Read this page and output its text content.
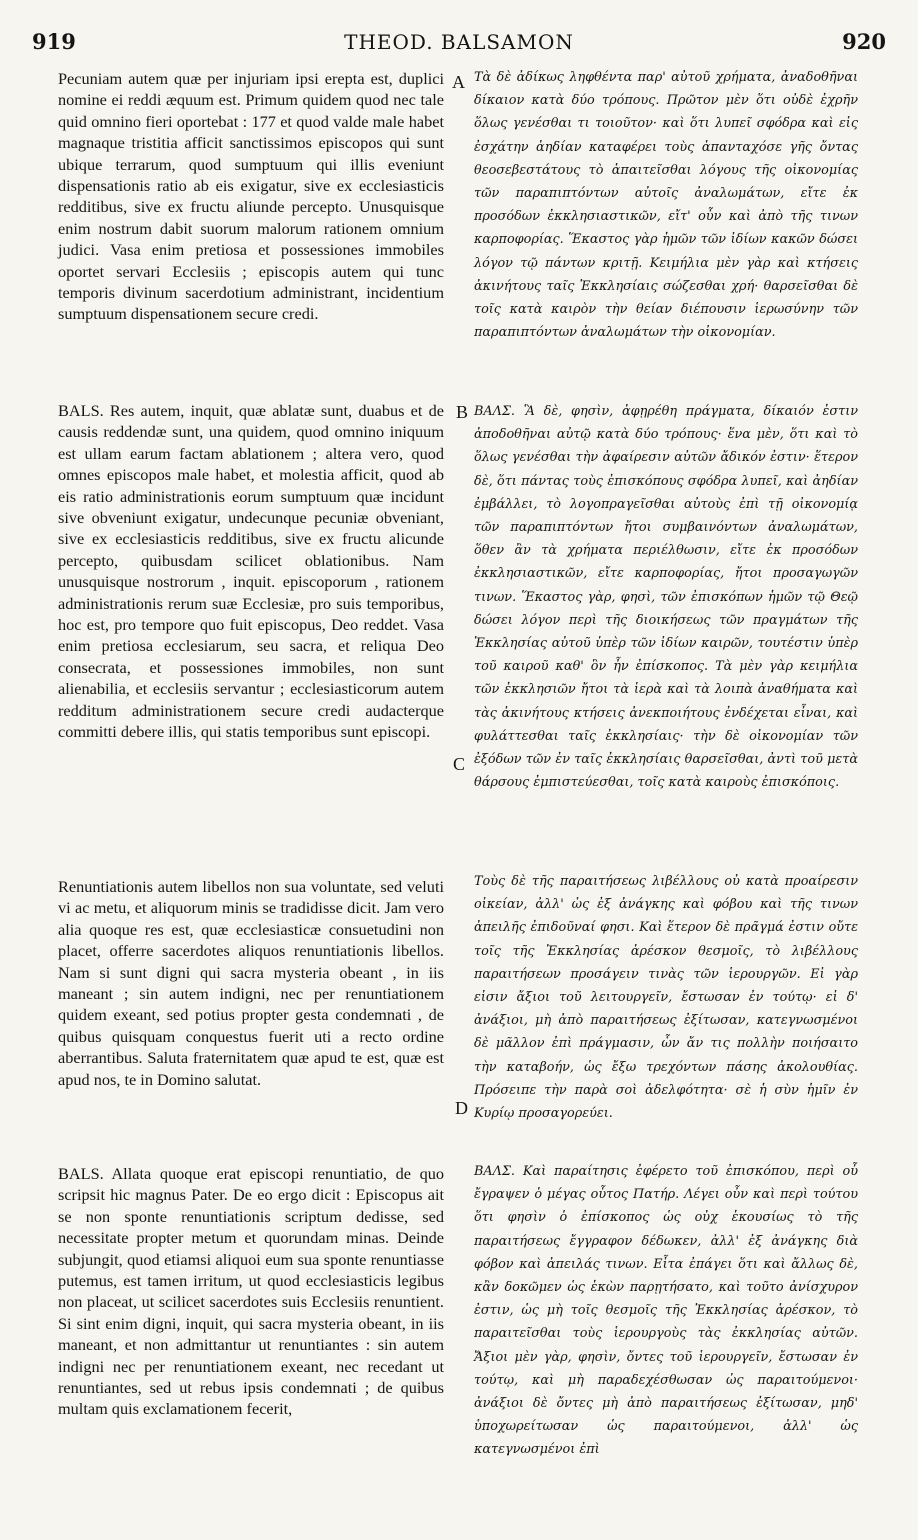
919	THEOD. BALSAMON	920
A
B
C
D

Pecuniam autem quæ per injuriam ipsi erepta est, duplici nomine ei reddi æquum est. Primum quidem quod nec tale quid omnino fieri oportebat : 177 et quod valde male habet magnaque tristitia afficit sanctissimos episcopos qui sunt ubique terrarum, quod sumptuum qui illis eveniunt dispensationis ratio ab eis exigatur, sive ex ecclesiasticis redditibus, sive ex fructu aliunde percepto. Unusquisque enim nostrum dabit suorum malorum rationem omnium judici. Vasa enim pretiosa et possessiones immobiles oportet servari Ecclesiis ; episcopis autem qui tunc temporis divinum sacerdotium administrant, incidentium sumptuum dispensationem secure credi.

BALS. Res autem, inquit, quæ ablatæ sunt, duabus et de causis reddendæ sunt, una quidem, quod omnino iniquum est ullam earum factam ablationem ; altera vero, quod omnes episcopos male habet, et molestia afficit, quod ab eis ratio administrationis eorum sumptuum quæ incidunt sive obveniunt exigatur, undecunque pecuniæ obveniant, sive ex ecclesiasticis redditibus, sive ex fructu alicunde percepto, quibusdam scilicet oblationibus. Nam unusquisque nostrorum , inquit. episcoporum , rationem administrationis rerum suæ Ecclesiæ, pro suis temporibus, hoc est, pro tempore quo fuit episcopus, Deo reddet. Vasa enim pretiosa ecclesiarum, seu sacra, et reliqua Deo consecrata, et possessiones immobiles, non sunt alienabilia, et ecclesiis servantur ; ecclesiasticorum autem redditum administrationem secure credi audacterque committi debere illis, qui statis temporibus sunt episcopi.

Renuntiationis autem libellos non sua voluntate, sed veluti vi ac metu, et aliquorum minis se tradidisse dicit. Jam vero alia quoque res est, quæ ecclesiasticæ consuetudini non placet, offerre sacerdotes aliquos renuntiationis libellos. Nam si sunt digni qui sacra mysteria obeant , in iis maneant ; sin autem indigni, nec per renuntiationem quidem exeant, sed potius propter gesta condemnati , de quibus quisquam conquestus fuerit uti a recto ordine aberrantibus. Saluta fraternitatem quæ apud te est, quæ est apud nos, te in Domino salutat.

BALS. Allata quoque erat episcopi renuntiatio, de quo scripsit hic magnus Pater. De eo ergo dicit : Episcopus ait se non sponte renuntiationis scriptum dedisse, sed necessitate propter metum et quorundam minas. Deinde subjungit, quod etiamsi aliquoi eum sua sponte renuntiasse putemus, est tamen irritum, ut quod ecclesiasticis legibus non placeat, ut scilicet sacerdotes suis Ecclesiis renuntient. Si sint enim digni, inquit, qui sacra mysteria obeant, in iis maneant, et non admittantur ut renuntiantes : sin autem indigni nec per renuntiationem exeant, nec recedant ut renuntiantes, sed ut rebus ipsis condemnati ; de quibus multam quis exclamationem fecerit,

Τὰ δὲ ἀδίκως ληφθέντα παρ' αὐτοῦ χρήματα, ἀναδοθῆναι δίκαιον κατὰ δύο τρόπους. Πρῶτον μὲν ὅτι οὐδὲ ἐχρῆν ὅλως γενέσθαι τι τοιοῦτον· καὶ ὅτι λυπεῖ σφόδρα καὶ εἰς ἐσχάτην ἀηδίαν καταφέρει τοὺς ἁπανταχόσε γῆς ὄντας θεοσεβεστάτους τὸ ἀπαιτεῖσθαι λόγους τῆς οἰκονομίας τῶν παραπιπτόντων αὐτοῖς ἀναλωμάτων, εἴτε ἐκ προσόδων ἐκκλησιαστικῶν, εἴτ' οὖν καὶ ἀπὸ τῆς τινων καρποφορίας. Ἕκαστος γὰρ ἡμῶν τῶν ἰδίων κακῶν δώσει λόγον τῷ πάντων κριτῇ. Κειμήλια μὲν γὰρ καὶ κτήσεις ἀκινήτους ταῖς Ἐκκλησίαις σώζεσθαι χρή· θαρσεῖσθαι δὲ τοῖς κατὰ καιρὸν τὴν θείαν διέπουσιν ἱερωσύνην τῶν παραπιπτόντων ἀναλωμάτων τὴν οἰκονομίαν.

ΒΑΛΣ. Ἃ δὲ, φησὶν, ἀφῃρέθη πράγματα, δίκαιόν ἐστιν ἀποδοθῆναι αὐτῷ κατὰ δύο τρόπους· ἕνα μὲν, ὅτι καὶ τὸ ὅλως γενέσθαι τὴν ἀφαίρεσιν αὐτῶν ἄδικόν ἐστιν· ἕτερον δὲ, ὅτι πάντας τοὺς ἐπισκόπους σφόδρα λυπεῖ, καὶ ἀηδίαν ἐμβάλλει, τὸ λογοπραγεῖσθαι αὐτοὺς ἐπὶ τῇ οἰκονομίᾳ τῶν παραπιπτόντων ἤτοι συμβαινόντων ἀναλωμάτων, ὅθεν ἂν τὰ χρήματα περιέλθωσιν, εἴτε ἐκ προσόδων ἐκκλησιαστικῶν, εἴτε καρποφορίας, ἤτοι προσαγωγῶν τινων. Ἕκαστος γὰρ, φησὶ, τῶν ἐπισκόπων ἡμῶν τῷ Θεῷ δώσει λόγον περὶ τῆς διοικήσεως τῶν πραγμάτων τῆς Ἐκκλησίας αὐτοῦ ὑπὲρ τῶν ἰδίων καιρῶν, τουτέστιν ὑπὲρ τοῦ καιροῦ καθ' ὃν ἦν ἐπίσκοπος. Τὰ μὲν γὰρ κειμήλια τῶν ἐκκλησιῶν ἤτοι τὰ ἱερὰ καὶ τὰ λοιπὰ ἀναθήματα καὶ τὰς ἀκινήτους κτήσεις ἀνεκποιήτους ἐνδέχεται εἶναι, καὶ φυλάττεσθαι ταῖς ἐκκλησίαις· τὴν δὲ οἰκονομίαν τῶν ἐξόδων τῶν ἐν ταῖς ἐκκλησίαις θαρσεῖσθαι, ἀντὶ τοῦ μετὰ θάρσους ἐμπιστεύεσθαι, τοῖς κατὰ καιροὺς ἐπισκόποις.

Τοὺς δὲ τῆς παραιτήσεως λιβέλλους οὐ κατὰ προαίρεσιν οἰκείαν, ἀλλ' ὡς ἐξ ἀνάγκης καὶ φόβου καὶ τῆς τινων ἀπειλῆς ἐπιδοῦναί φησι. Καὶ ἕτερον δὲ πρᾶγμά ἐστιν οὔτε τοῖς τῆς Ἐκκλησίας ἀρέσκον θεσμοῖς, τὸ λιβέλλους παραιτήσεων προσάγειν τινὰς τῶν ἱερουργῶν. Εἰ γὰρ εἰσιν ἄξιοι τοῦ λειτουργεῖν, ἔστωσαν ἐν τούτῳ· εἰ δ' ἀνάξιοι, μὴ ἀπὸ παραιτήσεως ἐξίτωσαν, κατεγνωσμένοι δὲ μᾶλλον ἐπὶ πράγμασιν, ὧν ἄν τις πολλὴν ποιήσαιτο τὴν καταβοήν, ὡς ἔξω τρεχόντων πάσης ἀκολουθίας. Πρόσειπε τὴν παρὰ σοὶ ἀδελφότητα· σὲ ἡ σὺν ἡμῖν ἐν Κυρίῳ προσαγορεύει.

ΒΑΛΣ. Καὶ παραίτησις ἐφέρετο τοῦ ἐπισκόπου, περὶ οὗ ἔγραψεν ὁ μέγας οὗτος Πατήρ. Λέγει οὖν καὶ περὶ τούτου ὅτι φησὶν ὁ ἐπίσκοπος ὡς οὐχ ἑκουσίως τὸ τῆς παραιτήσεως ἔγγραφον δέδωκεν, ἀλλ' ἐξ ἀνάγκης διὰ φόβον καὶ ἀπειλάς τινων. Εἶτα ἐπάγει ὅτι καὶ ἄλλως δὲ, κἂν δοκῶμεν ὡς ἑκὼν παρῃτήσατο, καὶ τοῦτο ἀνίσχυρον ἐστιν, ὡς μὴ τοῖς θεσμοῖς τῆς Ἐκκλησίας ἀρέσκον, τὸ παραιτεῖσθαι τοὺς ἱερουργοὺς τὰς ἐκκλησίας αὐτῶν. Ἄξιοι μὲν γὰρ, φησὶν, ὄντες τοῦ ἱερουργεῖν, ἔστωσαν ἐν τούτῳ, καὶ μὴ παραδεχέσθωσαν ὡς παραιτούμενοι· ἀνάξιοι δὲ ὄντες μὴ ἀπὸ παραιτήσεως ἐξίτωσαν, μηδ' ὑποχωρείτωσαν ὡς παραιτούμενοι, ἀλλ' ὡς κατεγνωσμένοι ἐπὶ
